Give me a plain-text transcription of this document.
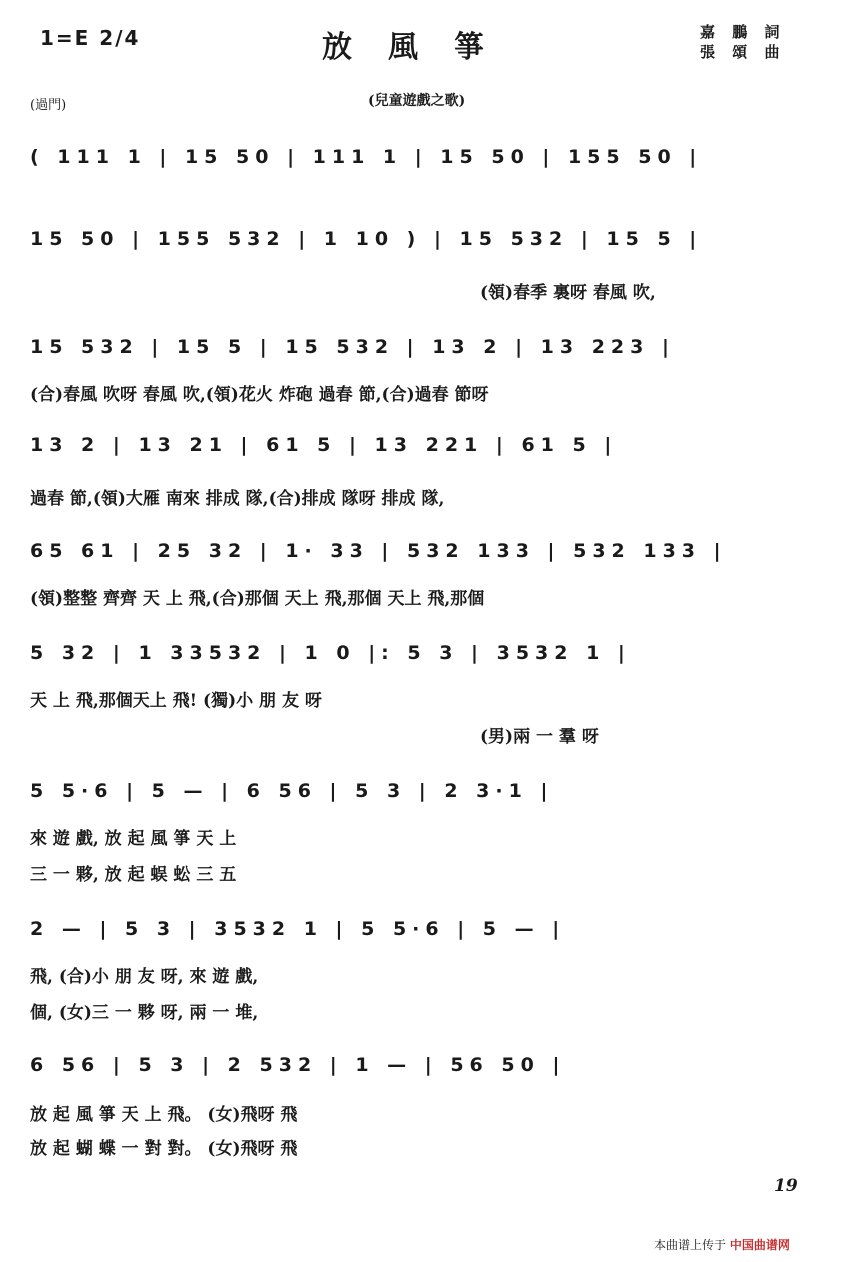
1=E 2/4	放風箏	嘉 鵬 詞
張 頌 曲
(過門)	(兒童遊戲之歌)
( 111 1 | 15 50 | 111 1 | 15 50 | 155 50 |
15 50 | 155 532 | 1 10 ) | 15 532 | 15 5 |
(領)春季 裏呀 春風 吹,
15 532 | 15 5 | 15 532 | 13 2 | 13 223 |
(合)春風 吹呀 春風 吹,(領)花火 炸砲 過春 節,(合)過春 節呀
13 2 | 13 21 | 61 5 | 13 221 | 61 5 |
過春 節,(領)大雁 南來 排成 隊,(合)排成 隊呀 排成 隊,
65 61 | 25 32 | 1· 33 | 532 133 | 532 133 |
(領)整整 齊齊 天 上 飛,(合)那個 天上 飛,那個 天上 飛,那個
5 32 | 1 33532 | 1 0 |: 5 3 | 3532 1 |
天 上 飛,那個天上 飛! (獨)小 朋 友 呀
(男)兩 一 羣 呀
5 5·6 | 5 — | 6 56 | 5 3 | 2 3·1 |
來 遊 戲, 放 起 風 箏 天 上
三 一 夥, 放 起 蜈 蚣 三 五
2 — | 5 3 | 3532 1 | 5 5·6 | 5 — |
飛, (合)小 朋 友 呀, 來 遊 戲,
個, (女)三 一 夥 呀, 兩 一 堆,
6 56 | 5 3 | 2 532 | 1 — | 56 50 |
放 起 風 箏 天 上 飛。 (女)飛呀 飛
放 起 蝴 蝶 一 對 對。 (女)飛呀 飛
19
本曲谱上传于 中国曲谱网
